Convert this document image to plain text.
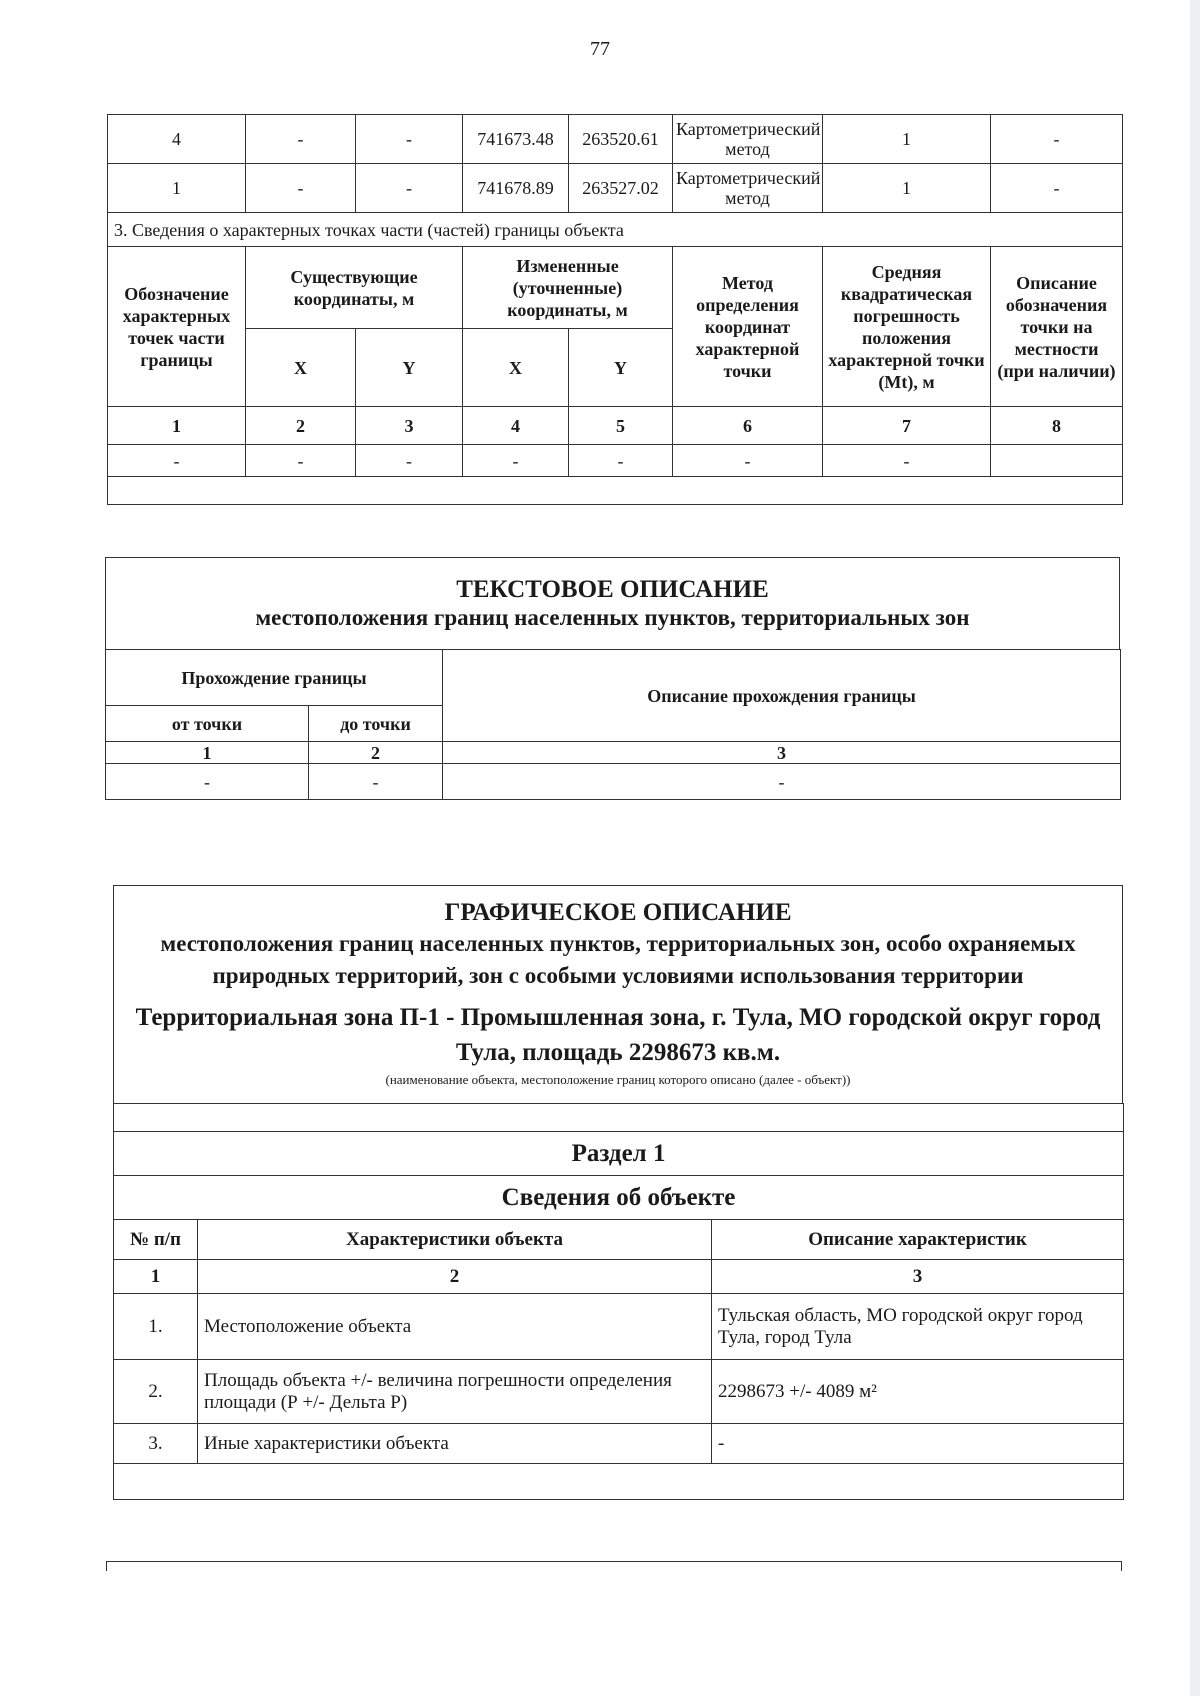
77
4	-	-	741673.48	263520.61	Картометрический метод	1	-
1	-	-	741678.89	263527.02	Картометрический метод	1	-
3. Сведения о характерных точках части (частей) границы объекта							
Обозначение характерных точек части границы	Существующие координаты, м		Измененные (уточненные) координаты, м		Метод определения координат характерной точки	Средняя квадратическая погрешность положения характерной точки (Mt), м	Описание обозначения точки на местности (при наличии)
	X	Y	X	Y			
1	2	3	4	5	6	7	8
-	-	-	-	-	-	-	

ТЕКСТОВОЕ ОПИСАНИЕ
местоположения границ населенных пунктов, территориальных зон
Прохождение границы		Описание прохождения границы
от точки	до точки	
1	2	3
-	-	-
ГРАФИЧЕСКОЕ ОПИСАНИЕ
местоположения границ населенных пунктов, территориальных зон, особо охраняемых природных территорий, зон с особыми условиями использования территории
Территориальная зона П-1 - Промышленная зона, г. Тула, МО городской округ город Тула, площадь 2298673 кв.м.
(наименование объекта, местоположение границ которого описано (далее - объект))

Раздел 1		
Сведения об объекте		
№ п/п	Характеристики объекта	Описание характеристик
1	2	3
1.	Местоположение объекта	Тульская область, МО городской округ город Тула, город Тула
2.	Площадь объекта +/- величина погрешности определения площади (Р +/- Дельта Р)	2298673 +/- 4089 м²
3.	Иные характеристики объекта	-
